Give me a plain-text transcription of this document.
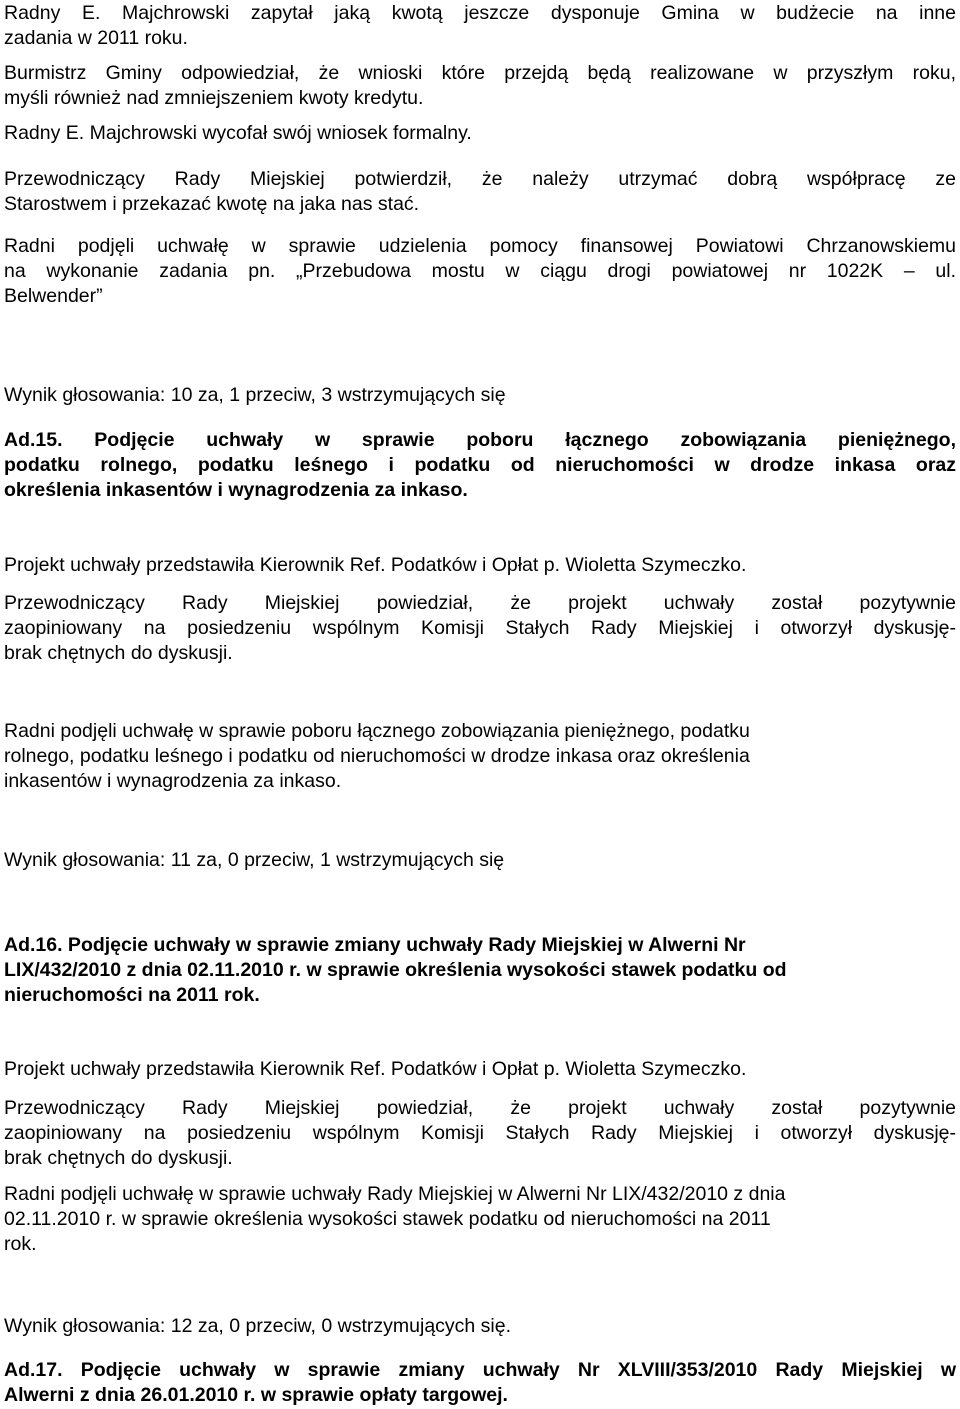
Radny E. Majchrowski zapytał jaką kwotą jeszcze dysponuje Gmina w budżecie na inne
zadania w 2011 roku.
Burmistrz Gminy odpowiedział, że wnioski które przejdą będą realizowane w przyszłym roku,
myśli również nad zmniejszeniem kwoty kredytu.
Radny E. Majchrowski wycofał swój wniosek formalny.
Przewodniczący Rady Miejskiej potwierdził, że należy utrzymać dobrą współpracę ze
Starostwem i przekazać kwotę na jaka nas stać.
Radni podjęli uchwałę w sprawie udzielenia pomocy finansowej Powiatowi Chrzanowskiemu
na wykonanie zadania pn. „Przebudowa mostu w ciągu drogi powiatowej nr 1022K – ul.
Belwender”
Wynik głosowania: 10 za, 1 przeciw, 3 wstrzymujących się
Ad.15. Podjęcie uchwały w sprawie poboru łącznego zobowiązania pieniężnego,
podatku rolnego, podatku leśnego i podatku od nieruchomości w drodze inkasa oraz
określenia inkasentów i wynagrodzenia za inkaso.
Projekt uchwały przedstawiła Kierownik Ref. Podatków i Opłat p. Wioletta Szymeczko.
Przewodniczący Rady Miejskiej powiedział, że projekt uchwały został pozytywnie
zaopiniowany na posiedzeniu wspólnym Komisji Stałych Rady Miejskiej i otworzył dyskusję-
brak chętnych do dyskusji.
Radni podjęli uchwałę w sprawie poboru łącznego zobowiązania pieniężnego, podatku
rolnego, podatku leśnego i podatku od nieruchomości w drodze inkasa oraz określenia
inkasentów i wynagrodzenia za inkaso.
Wynik głosowania: 11 za, 0 przeciw, 1 wstrzymujących się
Ad.16. Podjęcie uchwały w sprawie zmiany uchwały Rady Miejskiej w Alwerni Nr
LIX/432/2010 z dnia 02.11.2010 r. w sprawie określenia wysokości stawek podatku od
nieruchomości na 2011 rok.
Projekt uchwały przedstawiła Kierownik Ref. Podatków i Opłat p. Wioletta Szymeczko.
Przewodniczący Rady Miejskiej powiedział, że projekt uchwały został pozytywnie
zaopiniowany na posiedzeniu wspólnym Komisji Stałych Rady Miejskiej i otworzył dyskusję-
brak chętnych do dyskusji.
Radni podjęli uchwałę w sprawie uchwały Rady Miejskiej w Alwerni Nr LIX/432/2010 z dnia
02.11.2010 r. w sprawie określenia wysokości stawek podatku od nieruchomości na 2011
rok.
Wynik głosowania: 12 za, 0 przeciw, 0 wstrzymujących się.
Ad.17. Podjęcie uchwały w sprawie zmiany uchwały Nr XLVIII/353/2010 Rady Miejskiej w
Alwerni z dnia 26.01.2010 r. w sprawie opłaty targowej.
